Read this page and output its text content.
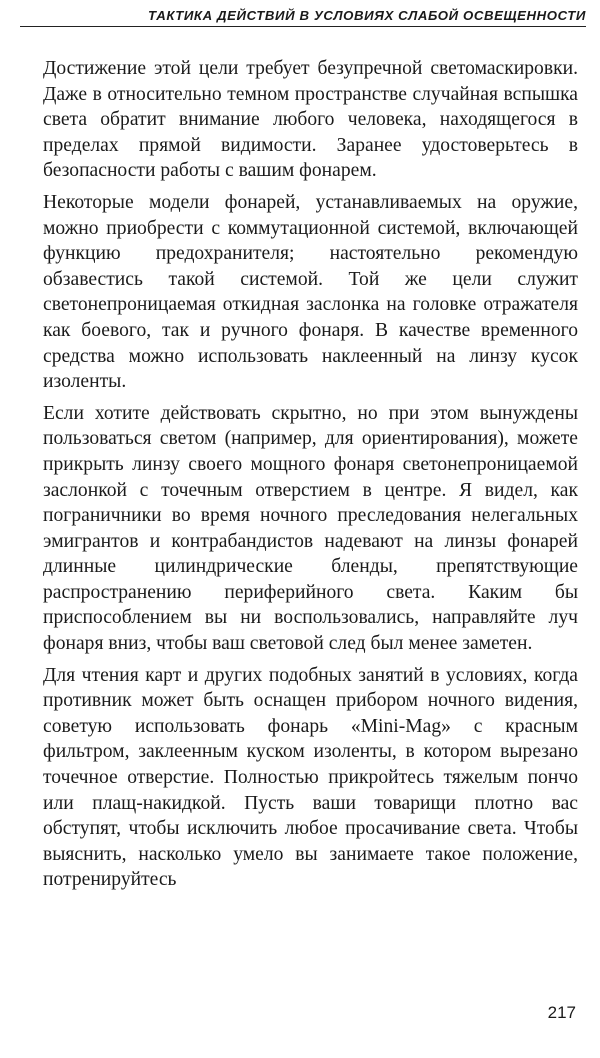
ТАКТИКА ДЕЙСТВИЙ В УСЛОВИЯХ СЛАБОЙ ОСВЕЩЕННОСТИ

Достижение этой цели требует безупречной светомаскировки. Даже в относительно темном пространстве случайная вспышка света обратит внимание любого человека, находящегося в пределах прямой видимости. Заранее удостоверьтесь в безопасности работы с вашим фонарем.

Некоторые модели фонарей, устанавливаемых на оружие, можно приобрести с коммутационной системой, включающей функцию предохранителя; настоятельно рекомендую обзавестись такой системой. Той же цели служит светонепроницаемая откидная заслонка на головке отражателя как боевого, так и ручного фонаря. В качестве временного средства можно использовать наклеенный на линзу кусок изоленты.

Если хотите действовать скрытно, но при этом вынуждены пользоваться светом (например, для ориентирования), можете прикрыть линзу своего мощного фонаря светонепроницаемой заслонкой с точечным отверстием в центре. Я видел, как пограничники во время ночного преследования нелегальных эмигрантов и контрабандистов надевают на линзы фонарей длинные цилиндрические бленды, препятствующие распространению периферийного света. Каким бы приспособлением вы ни воспользовались, направляйте луч фонаря вниз, чтобы ваш световой след был менее заметен.

Для чтения карт и других подобных занятий в условиях, когда противник может быть оснащен прибором ночного видения, советую использовать фонарь «Mini-Mag» с красным фильтром, заклеенным куском изоленты, в котором вырезано точечное отверстие. Полностью прикройтесь тяжелым пончо или плащ-накидкой. Пусть ваши товарищи плотно вас обступят, чтобы исключить любое просачивание света. Чтобы выяснить, насколько умело вы занимаете такое положение, потренируйтесь

217
